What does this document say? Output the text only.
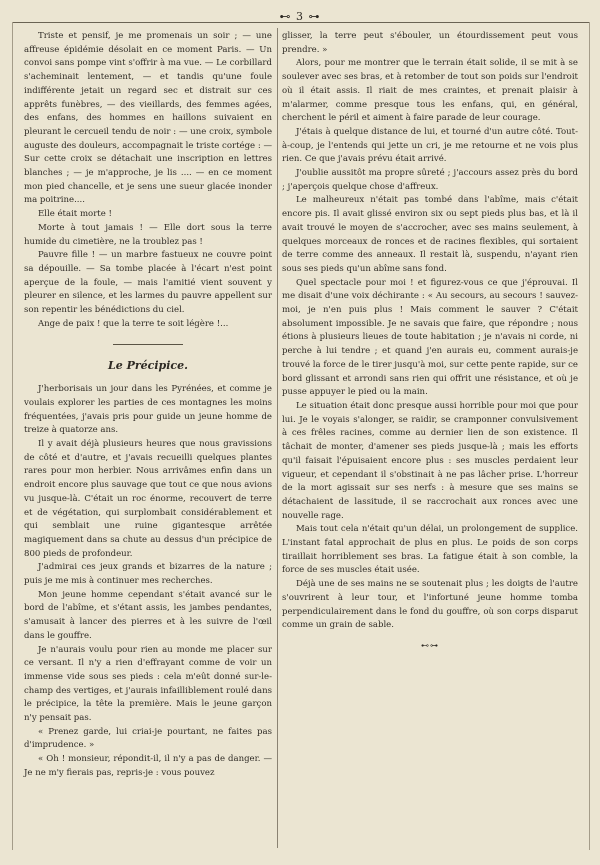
⊷ 3 ⊶

Triste et pensif, je me promenais un soir ; — une affreuse épidémie désolait en ce moment Paris. — Un convoi sans pompe vint s'offrir à ma vue. — Le corbillard s'acheminait lentement, — et tandis qu'une foule indifférente jetait un regard sec et distrait sur ces apprêts funèbres, — des vieillards, des femmes agées, des enfans, des hommes en haillons suivaient en pleurant le cercueil tendu de noir : — une croix, symbole auguste des douleurs, accompagnait le triste cortége : — Sur cette croix se détachait une inscription en lettres blanches ; — je m'approche, je lis .... — en ce moment mon pied chancelle, et je sens une sueur glacée inonder ma poitrine....

Elle était morte !

Morte à tout jamais ! — Elle dort sous la terre humide du cimetière, ne la troublez pas !

Pauvre fille ! — un marbre fastueux ne couvre point sa dépouille. — Sa tombe placée à l'écart n'est point aperçue de la foule, — mais l'amitié vient souvent y pleurer en silence, et les larmes du pauvre appellent sur son repentir les bénédictions du ciel.

Ange de paix ! que la terre te soit légère !...

Le Précipice.

J'herborisais un jour dans les Pyrénées, et comme je voulais explorer les parties de ces montagnes les moins fréquentées, j'avais pris pour guide un jeune homme de treize à quatorze ans.

Il y avait déjà plusieurs heures que nous gravissions de côté et d'autre, et j'avais recueilli quelques plantes rares pour mon herbier. Nous arrivâmes enfin dans un endroit encore plus sauvage que tout ce que nous avions vu jusque-là. C'était un roc énorme, recouvert de terre et de végétation, qui surplombait considérablement et qui semblait une ruine gigantesque arrêtée magiquement dans sa chute au dessus d'un précipice de 800 pieds de profondeur.

J'admirai ces jeux grands et bizarres de la nature ; puis je me mis à continuer mes recherches.

Mon jeune homme cependant s'était avancé sur le bord de l'abîme, et s'étant assis, les jambes pendantes, s'amusait à lancer des pierres et à les suivre de l'œil dans le gouffre.

Je n'aurais voulu pour rien au monde me placer sur ce versant. Il n'y a rien d'effrayant comme de voir un immense vide sous ses pieds : cela m'eût donné sur-le-champ des vertiges, et j'aurais infailliblement roulé dans le précipice, la tête la première. Mais le jeune garçon n'y pensait pas.

« Prenez garde, lui criai-je pourtant, ne faites pas d'imprudence. »

« Oh ! monsieur, répondit-il, il n'y a pas de danger. — Je ne m'y fierais pas, repris-je : vous pouvez

glisser, la terre peut s'ébouler, un étourdissement peut vous prendre. »

Alors, pour me montrer que le terrain était solide, il se mit à se soulever avec ses bras, et à retomber de tout son poids sur l'endroit où il était assis. Il riait de mes craintes, et prenait plaisir à m'alarmer, comme presque tous les enfans, qui, en général, cherchent le péril et aiment à faire parade de leur courage.

J'étais à quelque distance de lui, et tourné d'un autre côté. Tout-à-coup, je l'entends qui jette un cri, je me retourne et ne vois plus rien. Ce que j'avais prévu était arrivé.

J'oublie aussitôt ma propre sûreté ; j'accours assez près du bord ; j'aperçois quelque chose d'affreux.

Le malheureux n'était pas tombé dans l'abîme, mais c'était encore pis. Il avait glissé environ six ou sept pieds plus bas, et là il avait trouvé le moyen de s'accrocher, avec ses mains seulement, à quelques morceaux de ronces et de racines flexibles, qui sortaient de terre comme des anneaux. Il restait là, suspendu, n'ayant rien sous ses pieds qu'un abîme sans fond.

Quel spectacle pour moi ! et figurez-vous ce que j'éprouvai. Il me disait d'une voix déchirante : « Au secours, au secours ! sauvez-moi, je n'en puis plus ! Mais comment le sauver ? C'était absolument impossible. Je ne savais que faire, que répondre ; nous étions à plusieurs lieues de toute habitation ; je n'avais ni corde, ni perche à lui tendre ; et quand j'en aurais eu, comment aurais-je trouvé la force de le tirer jusqu'à moi, sur cette pente rapide, sur ce bord glissant et arrondi sans rien qui offrit une résistance, et où je pusse appuyer le pied ou la main.

Le situation était donc presque aussi horrible pour moi que pour lui. Je le voyais s'alonger, se raidir, se cramponner convulsivement à ces frêles racines, comme au dernier lien de son existence. Il tâchait de monter, d'amener ses pieds jusque-là ; mais les efforts qu'il faisait l'épuisaient encore plus : ses muscles perdaient leur vigueur, et cependant il s'obstinait à ne pas lâcher prise. L'horreur de la mort agissait sur ses nerfs : à mesure que ses mains se détachaient de lassitude, il se raccrochait aux ronces avec une nouvelle rage.

Mais tout cela n'était qu'un délai, un prolongement de supplice. L'instant fatal approchait de plus en plus. Le poids de son corps tiraillait horriblement ses bras. La fatigue était à son comble, la force de ses muscles était usée.

Déjà une de ses mains ne se soutenait plus ; les doigts de l'autre s'ouvrirent à leur tour, et l'infortuné jeune homme tomba perpendiculairement dans le fond du gouffre, où son corps disparut comme un grain de sable.

⊷⊶
